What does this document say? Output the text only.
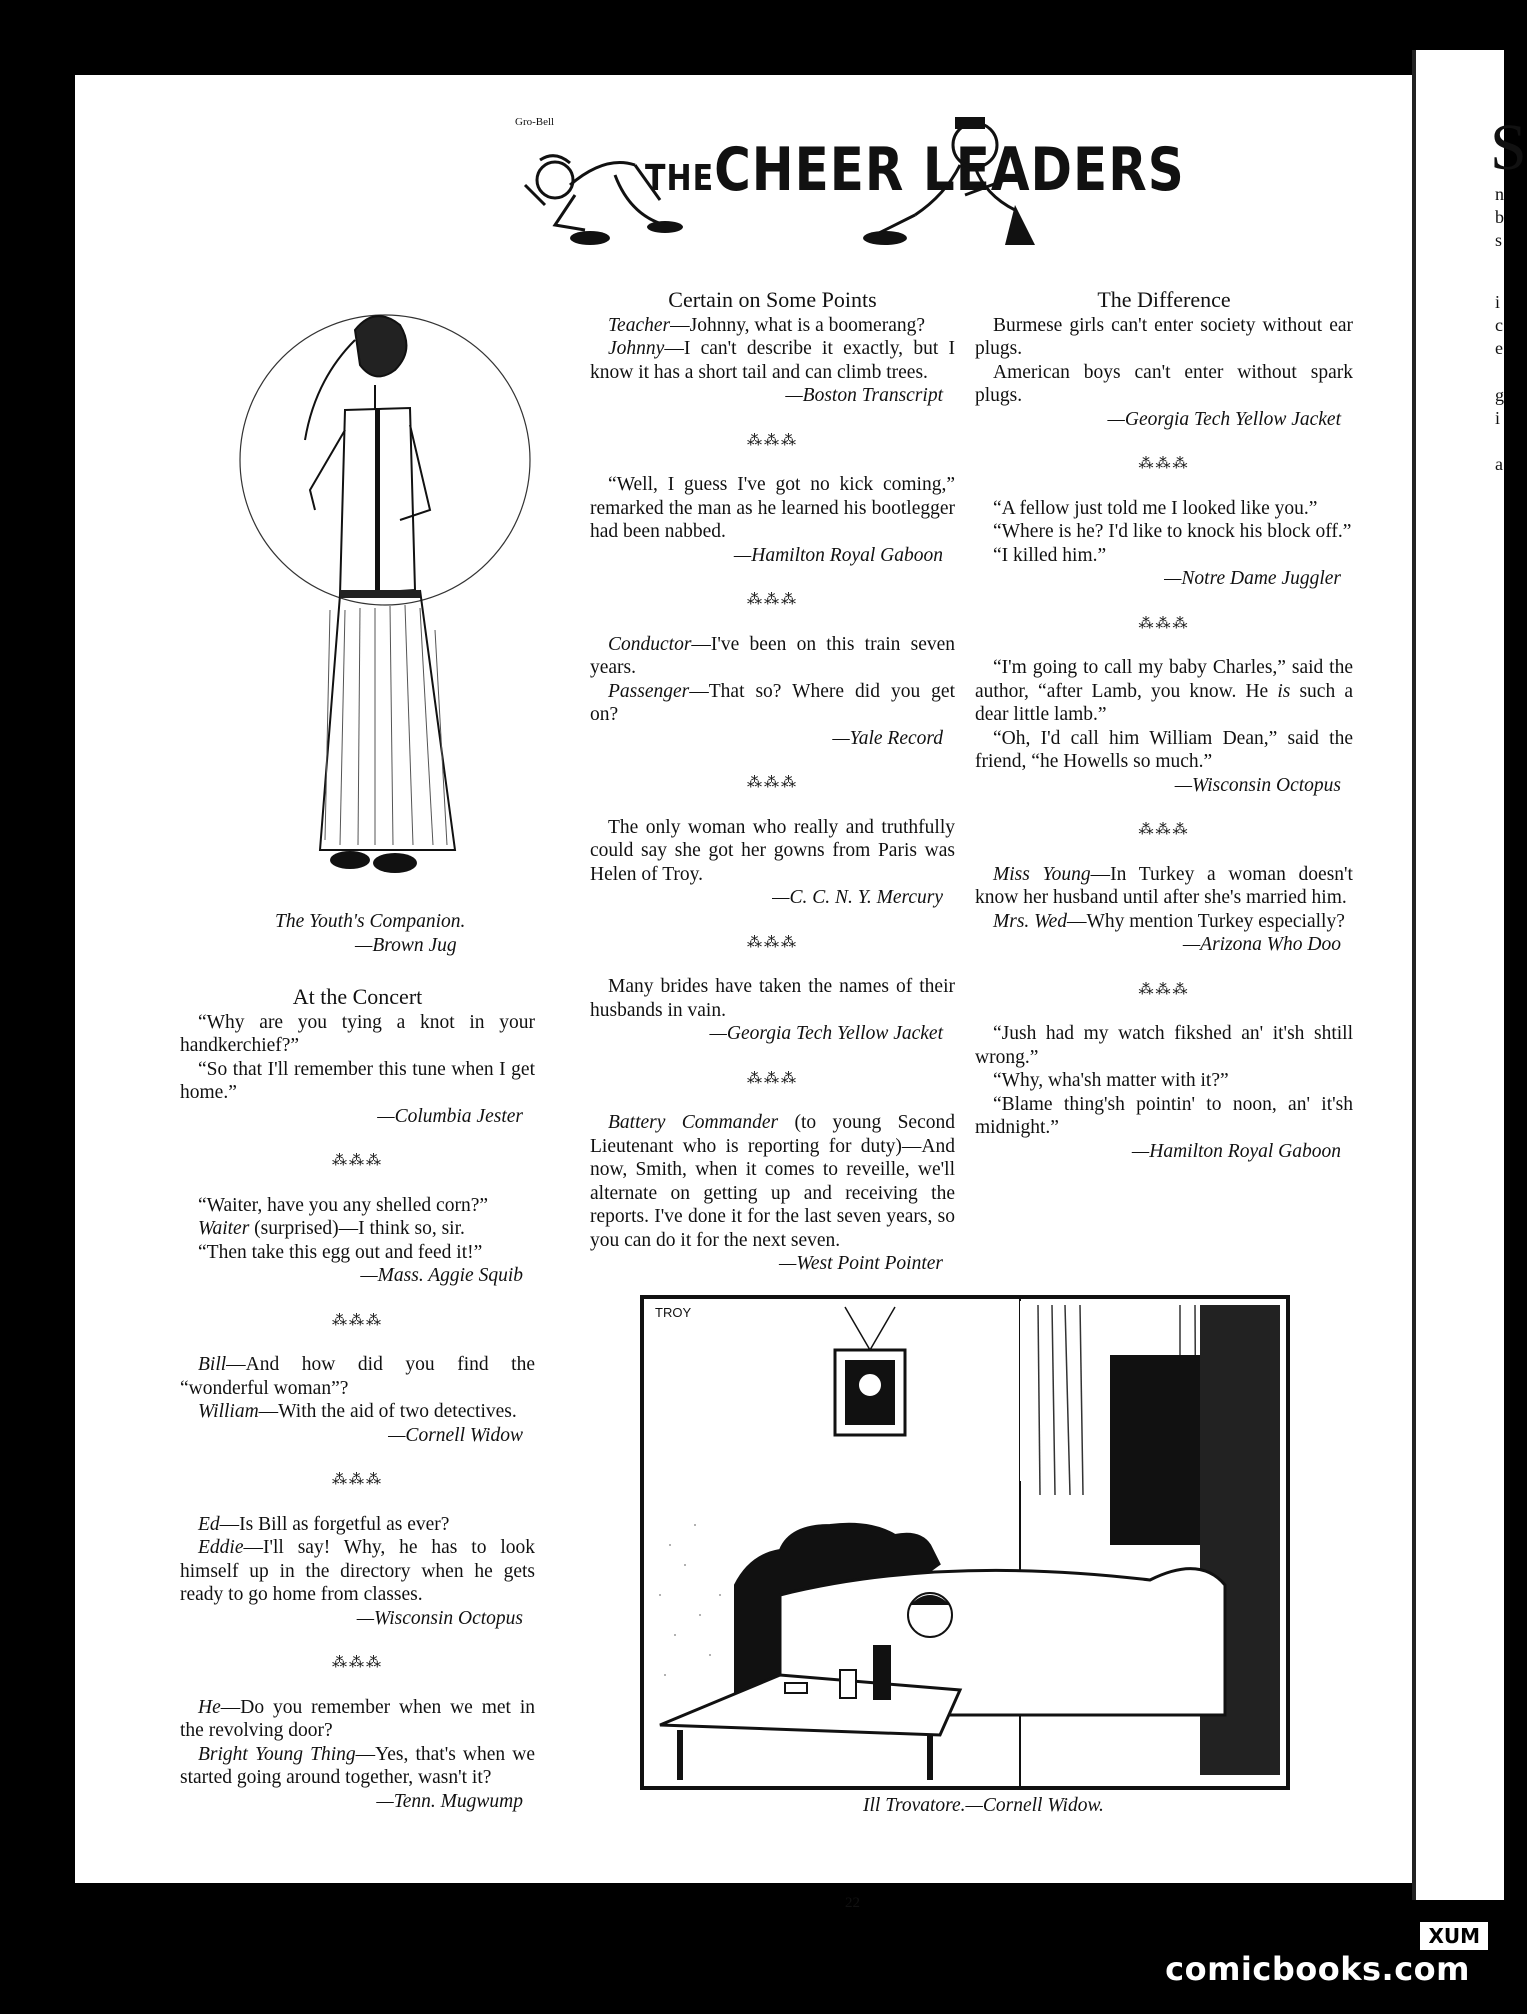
Gro-Bell
THECHEER LEADERS
The Youth's Companion.
—Brown Jug
At the Concert

“Why are you tying a knot in your handkerchief?”

“So that I'll remember this tune when I get home.”

—Columbia Jester

⁂⁂⁂

“Waiter, have you any shelled corn?”

Waiter (surprised)—I think so, sir.

“Then take this egg out and feed it!”

—Mass. Aggie Squib

⁂⁂⁂

Bill—And how did you find the “wonderful woman”?

William—With the aid of two detectives.

—Cornell Widow

⁂⁂⁂

Ed—Is Bill as forgetful as ever?

Eddie—I'll say! Why, he has to look himself up in the directory when he gets ready to go home from classes.

—Wisconsin Octopus

⁂⁂⁂

He—Do you remember when we met in the revolving door?

Bright Young Thing—Yes, that's when we started going around together, wasn't it?

—Tenn. Mugwump

Certain on Some Points

Teacher—Johnny, what is a boomerang?

Johnny—I can't describe it exactly, but I know it has a short tail and can climb trees.

—Boston Transcript

⁂⁂⁂

“Well, I guess I've got no kick coming,” remarked the man as he learned his bootlegger had been nabbed.

—Hamilton Royal Gaboon

⁂⁂⁂

Conductor—I've been on this train seven years.

Passenger—That so? Where did you get on?

—Yale Record

⁂⁂⁂

The only woman who really and truthfully could say she got her gowns from Paris was Helen of Troy.

—C. C. N. Y. Mercury

⁂⁂⁂

Many brides have taken the names of their husbands in vain.

—Georgia Tech Yellow Jacket

⁂⁂⁂

Battery Commander (to young Second Lieutenant who is reporting for duty)—And now, Smith, when it comes to reveille, we'll alternate on getting up and receiving the reports. I've done it for the last seven years, so you can do it for the next seven.

—West Point Pointer

The Difference

Burmese girls can't enter society without ear plugs.

American boys can't enter without spark plugs.

—Georgia Tech Yellow Jacket

⁂⁂⁂

“A fellow just told me I looked like you.”

“Where is he? I'd like to knock his block off.”

“I killed him.”

—Notre Dame Juggler

⁂⁂⁂

“I'm going to call my baby Charles,” said the author, “after Lamb, you know. He is such a dear little lamb.”

“Oh, I'd call him William Dean,” said the friend, “he Howells so much.”

—Wisconsin Octopus

⁂⁂⁂

Miss Young—In Turkey a woman doesn't know her husband until after she's married him.

Mrs. Wed—Why mention Turkey especially?

—Arizona Who Doo

⁂⁂⁂

“Jush had my watch fikshed an' it'sh shtill wrong.”

“Why, wha'sh matter with it?”

“Blame thing'sh pointin' to noon, an' it'sh midnight.”

—Hamilton Royal Gaboon

TROY
Ill Trovatore.—Cornell Widow.
22
S
n
b
s
i
c
e
g
i
a
XUM
comicbooks.com
